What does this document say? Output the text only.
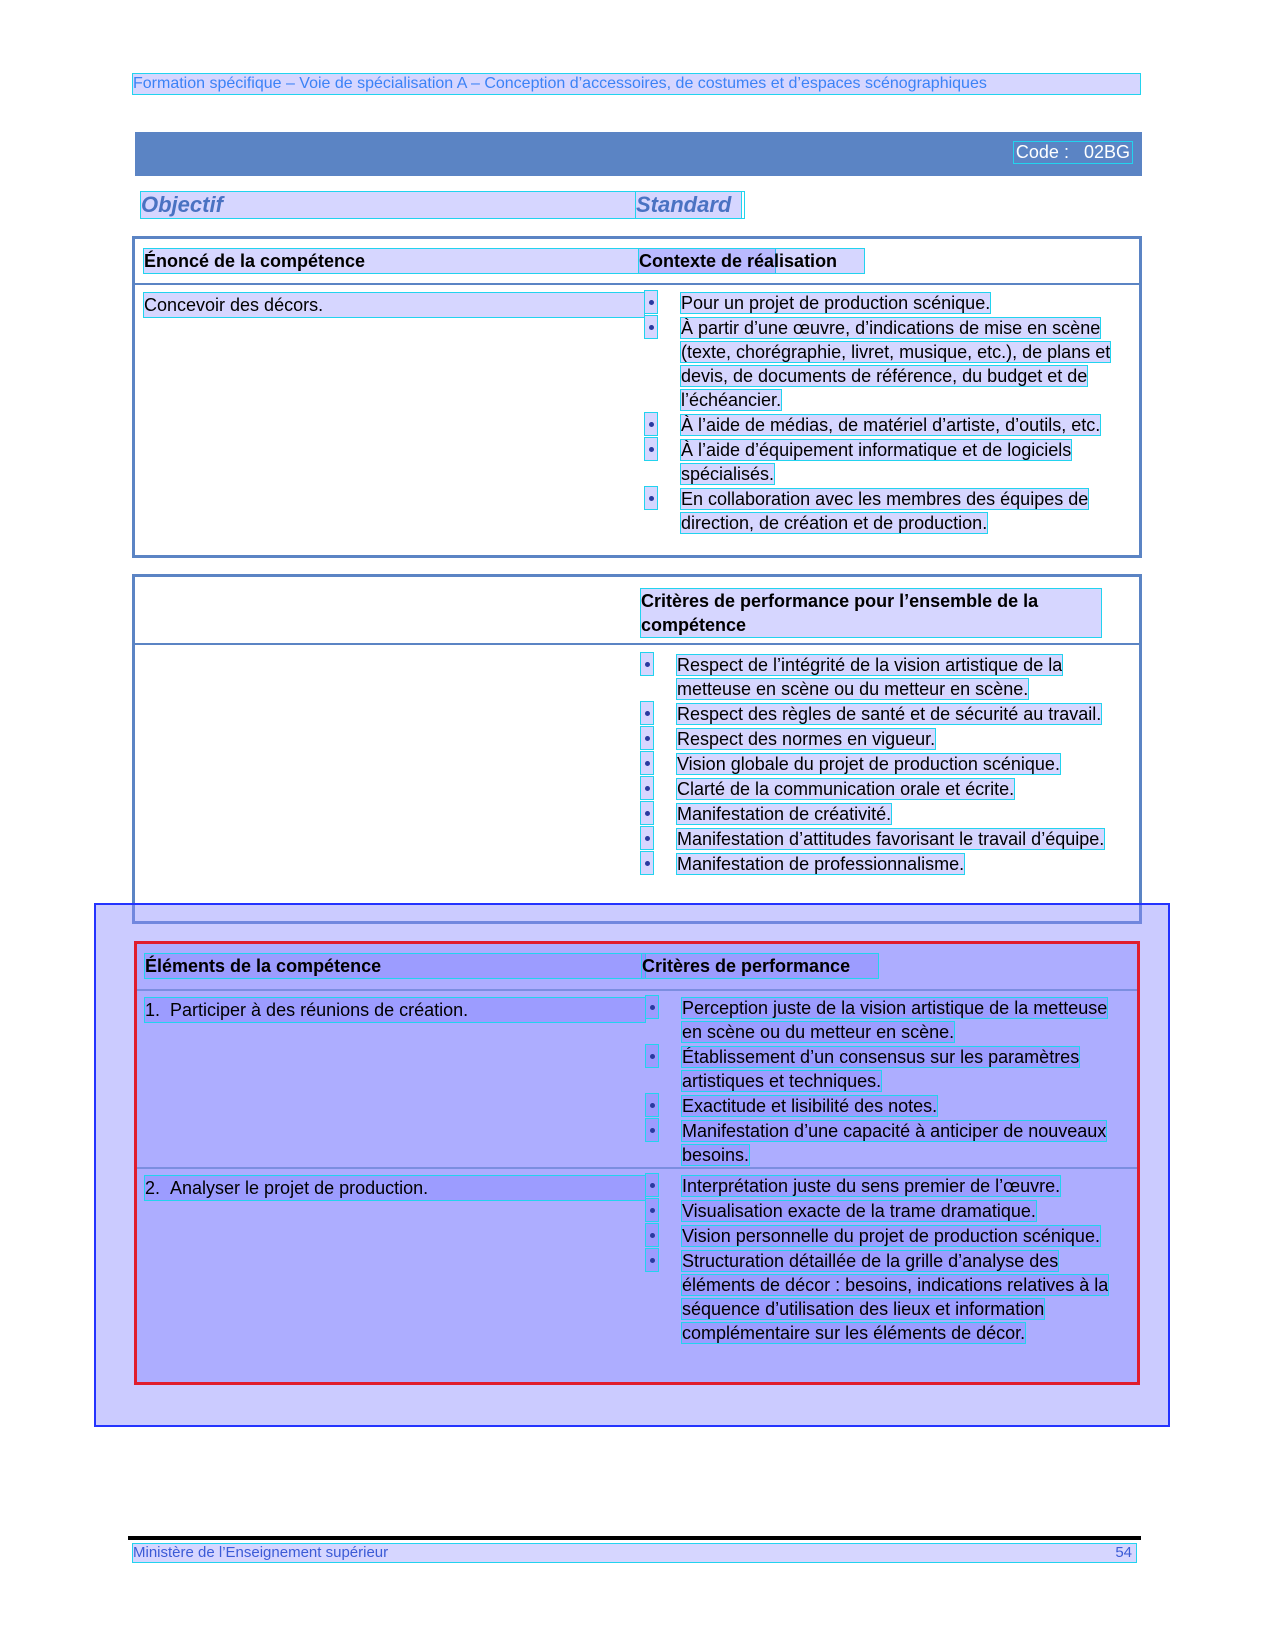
Formation spécifique – Voie de spécialisation A – Conception d’accessoires, de costumes et d’espaces scénographiques
Code : 02BG
Objectif	Standard
Énoncé de la compétence	Contexte de réalisation
Concevoir des décors.	Pour un projet de production scénique.
À partir d’une œuvre, d’indications de mise en scène (texte, chorégraphie, livret, musique, etc.), de plans et devis, de documents de référence, du budget et de l’échéancier.
À l’aide de médias, de matériel d’artiste, d’outils, etc.
À l’aide d’équipement informatique et de logiciels spécialisés.
En collaboration avec les membres des équipes de direction, de création et de production.
Critères de performance pour l’ensemble de la compétence
Respect de l’intégrité de la vision artistique de la metteuse en scène ou du metteur en scène.
Respect des règles de santé et de sécurité au travail.
Respect des normes en vigueur.
Vision globale du projet de production scénique.
Clarté de la communication orale et écrite.
Manifestation de créativité.
Manifestation d’attitudes favorisant le travail d’équipe.
Manifestation de professionnalisme.
Éléments de la compétence	Critères de performance
1.  Participer à des réunions de création.	Perception juste de la vision artistique de la metteuse en scène ou du metteur en scène.
Établissement d’un consensus sur les paramètres artistiques et techniques.
Exactitude et lisibilité des notes.
Manifestation d’une capacité à anticiper de nouveaux besoins.
2.  Analyser le projet de production.	Interprétation juste du sens premier de l’œuvre.
Visualisation exacte de la trame dramatique.
Vision personnelle du projet de production scénique.
Structuration détaillée de la grille d’analyse des éléments de décor : besoins, indications relatives à la séquence d’utilisation des lieux et information complémentaire sur les éléments de décor.
Ministère de l’Enseignement supérieur	54
